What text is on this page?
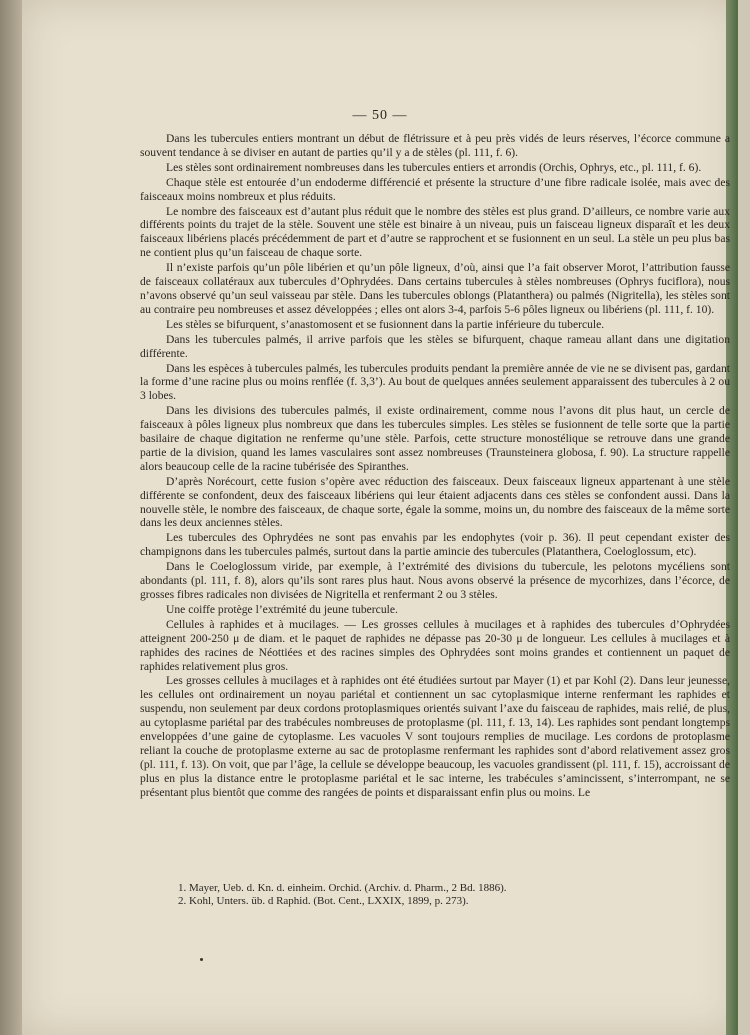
— 50 —

Dans les tubercules entiers montrant un début de flétrissure et à peu près vidés de leurs réserves, l’écorce commune a souvent tendance à se diviser en autant de parties qu’il y a de stèles (pl. 111, f. 6).

Les stèles sont ordinairement nombreuses dans les tubercules entiers et arrondis (Orchis, Ophrys, etc., pl. 111, f. 6).

Chaque stèle est entourée d’un endoderme différencié et présente la structure d’une fibre radicale isolée, mais avec des faisceaux moins nombreux et plus réduits.

Le nombre des faisceaux est d’autant plus réduit que le nombre des stèles est plus grand. D’ailleurs, ce nombre varie aux différents points du trajet de la stèle. Souvent une stèle est binaire à un niveau, puis un faisceau ligneux disparaît et les deux faisceaux libériens placés précédemment de part et d’autre se rapprochent et se fusionnent en un seul. La stèle un peu plus bas ne contient plus qu’un faisceau de chaque sorte.

Il n’existe parfois qu’un pôle libérien et qu’un pôle ligneux, d’où, ainsi que l’a fait observer Morot, l’attribution fausse de faisceaux collatéraux aux tubercules d’Ophrydées. Dans certains tubercules à stèles nombreuses (Ophrys fuciflora), nous n’avons observé qu’un seul vaisseau par stèle. Dans les tubercules oblongs (Platanthera) ou palmés (Nigritella), les stèles sont au contraire peu nombreuses et assez développées ; elles ont alors 3-4, parfois 5-6 pôles ligneux ou libériens (pl. 111, f. 10).

Les stèles se bifurquent, s’anastomosent et se fusionnent dans la partie inférieure du tubercule.

Dans les tubercules palmés, il arrive parfois que les stèles se bifurquent, chaque rameau allant dans une digitation différente.

Dans les espèces à tubercules palmés, les tubercules produits pendant la première année de vie ne se divisent pas, gardant la forme d’une racine plus ou moins renflée (f. 3,3’). Au bout de quelques années seulement apparaissent des tubercules à 2 ou 3 lobes.

Dans les divisions des tubercules palmés, il existe ordinairement, comme nous l’avons dit plus haut, un cercle de faisceaux à pôles ligneux plus nombreux que dans les tubercules simples. Les stèles se fusionnent de telle sorte que la partie basilaire de chaque digitation ne renferme qu’une stèle. Parfois, cette structure monostélique se retrouve dans une grande partie de la division, quand les lames vasculaires sont assez nombreuses (Traunsteinera globosa, f. 90). La structure rappelle alors beaucoup celle de la racine tubérisée des Spiranthes.

D’après Norécourt, cette fusion s’opère avec réduction des faisceaux. Deux faisceaux ligneux appartenant à une stèle différente se confondent, deux des faisceaux libériens qui leur étaient adjacents dans ces stèles se confondent aussi. Dans la nouvelle stèle, le nombre des faisceaux, de chaque sorte, égale la somme, moins un, du nombre des faisceaux de la même sorte dans les deux anciennes stèles.

Les tubercules des Ophrydées ne sont pas envahis par les endophytes (voir p. 36). Il peut cependant exister des champignons dans les tubercules palmés, surtout dans la partie amincie des tubercules (Platanthera, Coeloglossum, etc).

Dans le Coeloglossum viride, par exemple, à l’extrémité des divisions du tubercule, les pelotons mycéliens sont abondants (pl. 111, f. 8), alors qu’ils sont rares plus haut. Nous avons observé la présence de mycorhizes, dans l’écorce, de grosses fibres radicales non divisées de Nigritella et renfermant 2 ou 3 stèles.

Une coiffe protège l’extrémité du jeune tubercule.

Cellules à raphides et à mucilages. — Les grosses cellules à mucilages et à raphides des tubercules d’Ophrydées atteignent 200-250 μ de diam. et le paquet de raphides ne dépasse pas 20-30 μ de longueur. Les cellules à mucilages et à raphides des racines de Néottiées et des racines simples des Ophrydées sont moins grandes et contiennent un paquet de raphides relativement plus gros.

Les grosses cellules à mucilages et à raphides ont été étudiées surtout par Mayer (1) et par Kohl (2). Dans leur jeunesse, les cellules ont ordinairement un noyau pariétal et contiennent un sac cytoplasmique interne renfermant les raphides et suspendu, non seulement par deux cordons protoplasmiques orientés suivant l’axe du faisceau de raphides, mais relié, de plus, au cytoplasme pariétal par des trabécules nombreuses de protoplasme (pl. 111, f. 13, 14). Les raphides sont pendant longtemps enveloppées d’une gaine de cytoplasme. Les vacuoles V sont toujours remplies de mucilage. Les cordons de protoplasme reliant la couche de protoplasme externe au sac de protoplasme renfermant les raphides sont d’abord relativement assez gros (pl. 111, f. 13). On voit, que par l’âge, la cellule se développe beaucoup, les vacuoles grandissent (pl. 111, f. 15), accroissant de plus en plus la distance entre le protoplasme pariétal et le sac interne, les trabécules s’amincissent, s’interrompant, ne se présentant plus bientôt que comme des rangées de points et disparaissant enfin plus ou moins. Le

1. Mayer, Ueb. d. Kn. d. einheim. Orchid. (Archiv. d. Pharm., 2 Bd. 1886).
2. Kohl, Unters. üb. d Raphid. (Bot. Cent., LXXIX, 1899, p. 273).
